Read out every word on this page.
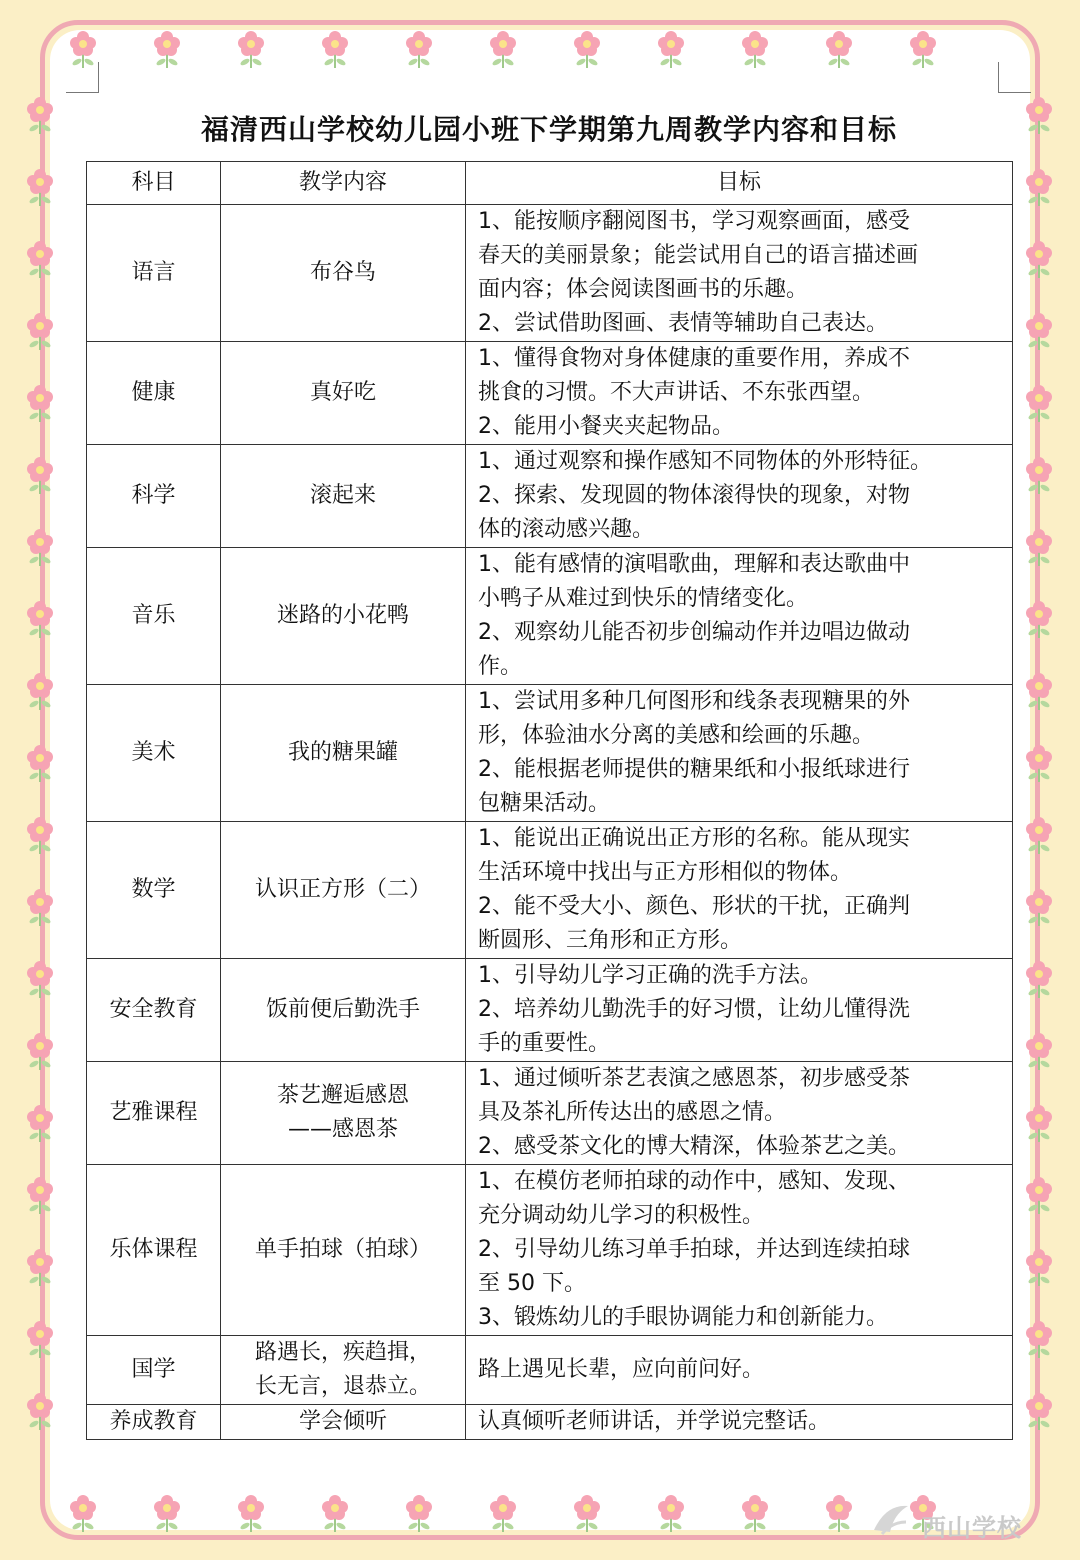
福清西山学校幼儿园小班下学期第九周教学内容和目标
科目	教学内容	目标
语言	布谷鸟	1、能按顺序翻阅图书，学习观察画面，感受
春天的美丽景象；能尝试用自己的语言描述画
面内容；体会阅读图画书的乐趣。
2、尝试借助图画、表情等辅助自己表达。

健康	真好吃	1、懂得食物对身体健康的重要作用，养成不
挑食的习惯。不大声讲话、不东张西望。
2、能用小餐夹夹起物品。

科学	滚起来	1、通过观察和操作感知不同物体的外形特征。
2、探索、发现圆的物体滚得快的现象，对物
体的滚动感兴趣。

音乐	迷路的小花鸭	1、能有感情的演唱歌曲，理解和表达歌曲中
小鸭子从难过到快乐的情绪变化。
2、观察幼儿能否初步创编动作并边唱边做动
作。

美术	我的糖果罐	1、尝试用多种几何图形和线条表现糖果的外
形，体验油水分离的美感和绘画的乐趣。
2、能根据老师提供的糖果纸和小报纸球进行
包糖果活动。

数学	认识正方形（二）	1、能说出正确说出正方形的名称。能从现实
生活环境中找出与正方形相似的物体。
2、能不受大小、颜色、形状的干扰，正确判
断圆形、三角形和正方形。

安全教育	饭前便后勤洗手	1、引导幼儿学习正确的洗手方法。
2、培养幼儿勤洗手的好习惯，让幼儿懂得洗
手的重要性。

艺雅课程	茶艺邂逅感恩
——感恩茶	1、通过倾听茶艺表演之感恩茶，初步感受茶
具及茶礼所传达出的感恩之情。
2、感受茶文化的博大精深，体验茶艺之美。

乐体课程	单手拍球（拍球）	1、在模仿老师拍球的动作中，感知、发现、
充分调动幼儿学习的积极性。
2、引导幼儿练习单手拍球，并达到连续拍球
至 50 下。
3、锻炼幼儿的手眼协调能力和创新能力。

国学	路遇长，疾趋揖，
长无言，退恭立。	路上遇见长辈，应向前问好。

养成教育	学会倾听	认真倾听老师讲话，并学说完整话。
西山学校
